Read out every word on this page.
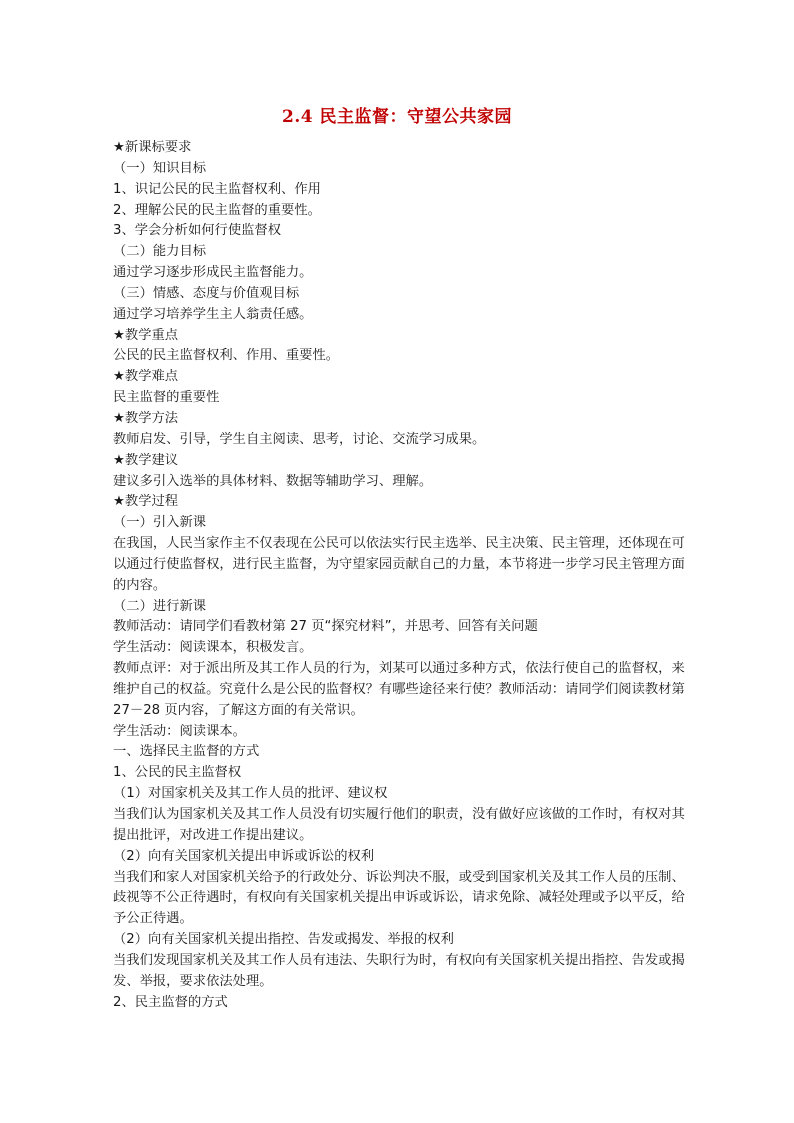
2.4 民主监督：守望公共家园

★新课标要求

（一）知识目标

1、识记公民的民主监督权利、作用

2、理解公民的民主监督的重要性。

3、学会分析如何行使监督权

（二）能力目标

通过学习逐步形成民主监督能力。

（三）情感、态度与价值观目标

通过学习培养学生主人翁责任感。

★教学重点

公民的民主监督权利、作用、重要性。

★教学难点

民主监督的重要性

★教学方法

教师启发、引导，学生自主阅读、思考，讨论、交流学习成果。

★教学建议

建议多引入选举的具体材料、数据等辅助学习、理解。

★教学过程

（一）引入新课

在我国，人民当家作主不仅表现在公民可以依法实行民主选举、民主决策、民主管理，还体现在可以通过行使监督权，进行民主监督，为守望家园贡献自己的力量，本节将进一步学习民主管理方面的内容。

（二）进行新课

教师活动：请同学们看教材第 27 页“探究材料”，并思考、回答有关问题

学生活动：阅读课本，积极发言。

教师点评：对于派出所及其工作人员的行为，刘某可以通过多种方式，依法行使自己的监督权，来维护自己的权益。究竟什么是公民的监督权？有哪些途径来行使？教师活动：请同学们阅读教材第 27－28 页内容，了解这方面的有关常识。

学生活动：阅读课本。

一、选择民主监督的方式

1、公民的民主监督权

（1）对国家机关及其工作人员的批评、建议权

当我们认为国家机关及其工作人员没有切实履行他们的职责，没有做好应该做的工作时，有权对其提出批评，对改进工作提出建议。

（2）向有关国家机关提出申诉或诉讼的权利

当我们和家人对国家机关给予的行政处分、诉讼判决不服，或受到国家机关及其工作人员的压制、歧视等不公正待遇时，有权向有关国家机关提出申诉或诉讼，请求免除、减轻处理或予以平反，给予公正待遇。

（2）向有关国家机关提出指控、告发或揭发、举报的权利

当我们发现国家机关及其工作人员有违法、失职行为时，有权向有关国家机关提出指控、告发或揭发、举报，要求依法处理。

2、民主监督的方式
